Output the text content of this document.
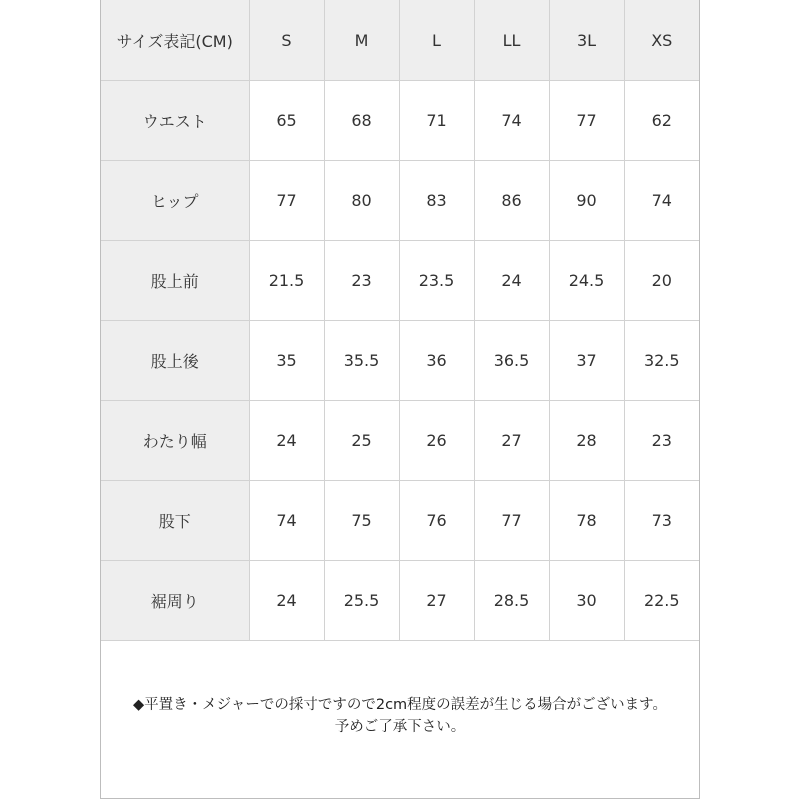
サイズ表記(CM)	S	M	L	LL	3L	XS
ウエスト	65	68	71	74	77	62
ヒップ	77	80	83	86	90	74
股上前	21.5	23	23.5	24	24.5	20
股上後	35	35.5	36	36.5	37	32.5
わたり幅	24	25	26	27	28	23
股下	74	75	76	77	78	73
裾周り	24	25.5	27	28.5	30	22.5
◆平置き・メジャーでの採寸ですので2cm程度の誤差が生じる場合がございます。
予めご了承下さい。
